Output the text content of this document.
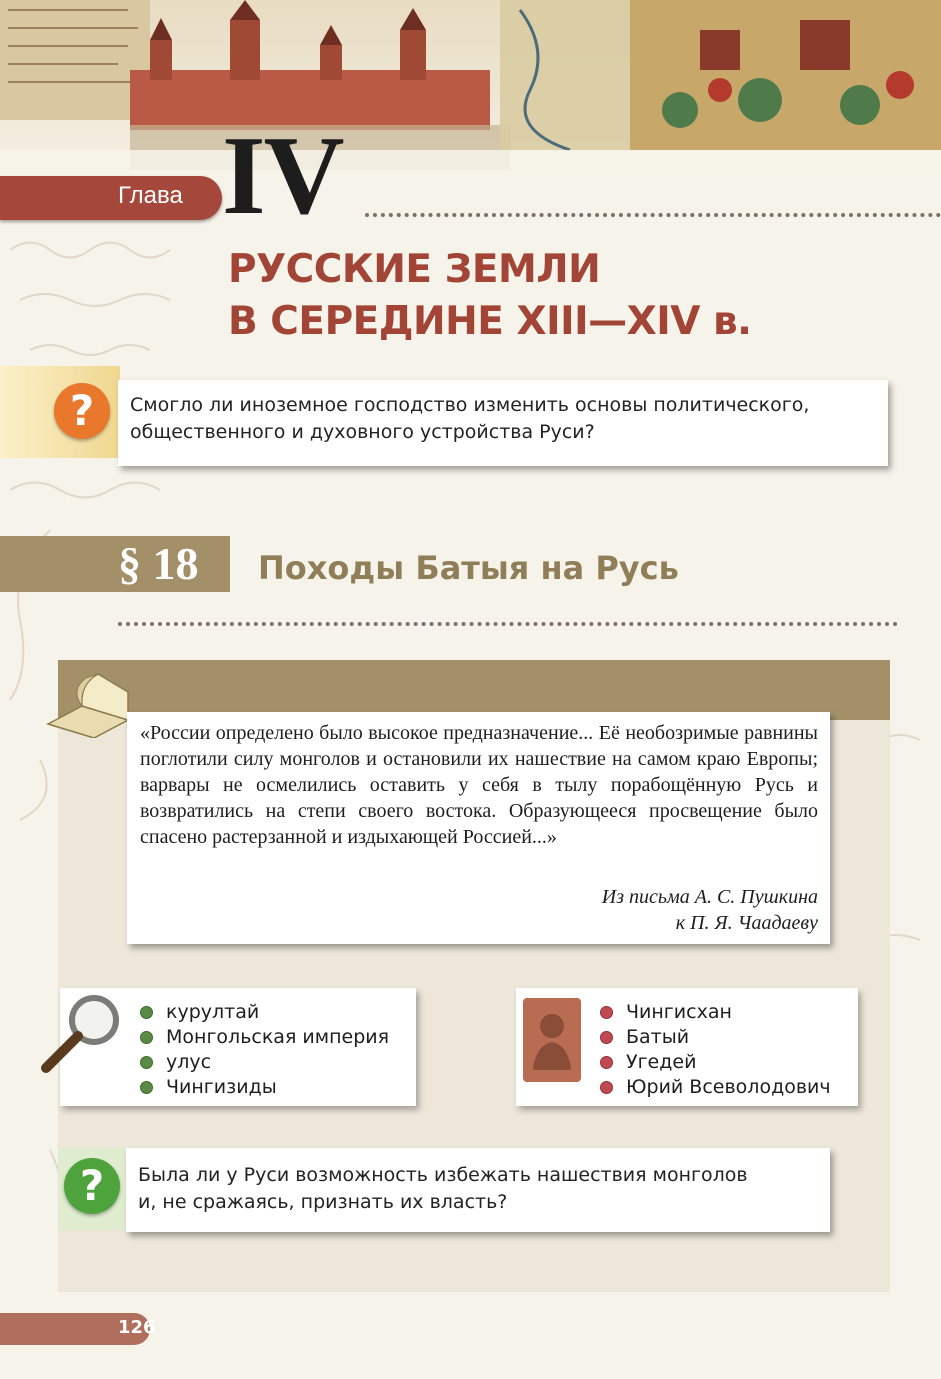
Глава IV
РУССКИЕ ЗЕМЛИ
В СЕРЕДИНЕ XIII—XIV в.
?	Смогло ли иноземное господство изменить основы политического,
общественного и духовного устройства Руси?
§ 18 Походы Батыя на Русь
«России определено было высокое предназначение... Её необозримые равнины поглотили силу монголов и остановили их нашествие на самом краю Европы; варвары не осмелились оставить у себя в тылу порабощённую Русь и возвратились на степи своего востока. Образующееся просвещение было спасено растерзанной и издыхающей Россией...»
Из письма А. С. Пушкина
к П. Я. Чаадаеву
курултай
Монгольская империя
улус
Чингизиды
Чингисхан
Батый
Угедей
Юрий Всеволодович
?	Была ли у Руси возможность избежать нашествия монголов
и, не сражаясь, признать их власть?
126
